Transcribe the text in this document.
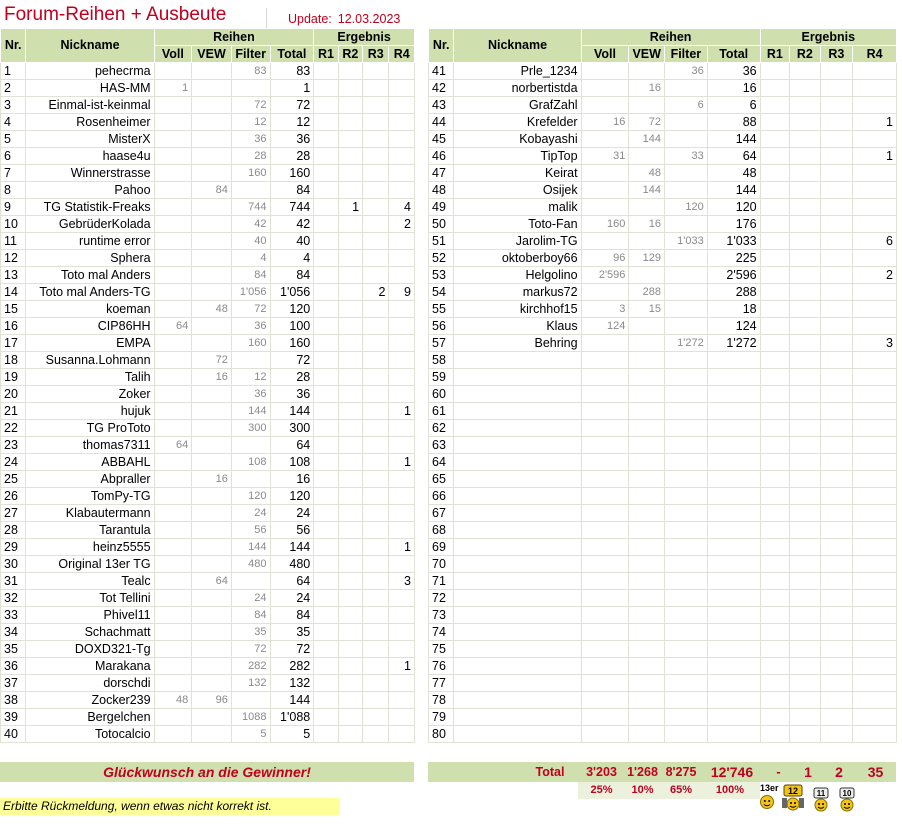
Forum-Reihen + Ausbeute	Update: 12.03.2023
Nr.	Nickname	Reihen				Ergebnis			
		Voll	VEW	Filter	Total	R1	R2	R3	R4
1	pehecrma			83	83				
2	HAS-MM	1			1				
3	Einmal-ist-keinmal			72	72				
4	Rosenheimer			12	12				
5	MisterX			36	36				
6	haase4u			28	28				
7	Winnerstrasse			160	160				
8	Pahoo		84		84				
9	TG Statistik-Freaks			744	744		1		4
10	GebrüderKolada			42	42				2
11	runtime error			40	40				
12	Sphera			4	4				
13	Toto mal Anders			84	84				
14	Toto mal Anders-TG			1'056	1'056			2	9
15	koeman		48	72	120				
16	CIP86HH	64		36	100				
17	EMPA			160	160				
18	Susanna.Lohmann		72		72				
19	Talih		16	12	28				
20	Zoker			36	36				
21	hujuk			144	144				1
22	TG ProToto			300	300				
23	thomas7311	64			64				
24	ABBAHL			108	108				1
25	Abpraller		16		16				
26	TomPy-TG			120	120				
27	Klabautermann			24	24				
28	Tarantula			56	56				
29	heinz5555			144	144				1
30	Original 13er TG			480	480				
31	Tealc		64		64				3
32	Tot Tellini			24	24				
33	Phivel11			84	84				
34	Schachmatt			35	35				
35	DOXD321-Tg			72	72				
36	Marakana			282	282				1
37	dorschdi			132	132				
38	Zocker239	48	96		144				
39	Bergelchen			1088	1'088				
40	Totocalcio			5	5				
Nr.	Nickname	Reihen				Ergebnis			
		Voll	VEW	Filter	Total	R1	R2	R3	R4
41	Prle_1234			36	36				
42	norbertistda		16		16				
43	GrafZahl			6	6				
44	Krefelder	16	72		88				1
45	Kobayashi		144		144				
46	TipTop	31		33	64				1
47	Keirat		48		48				
48	Osijek		144		144				
49	malik			120	120				
50	Toto-Fan	160	16		176				
51	Jarolim-TG			1'033	1'033				6
52	oktoberboy66	96	129		225				
53	Helgolino	2'596			2'596				2
54	markus72		288		288				
55	kirchhof15	3	15		18				
56	Klaus	124			124				
57	Behring			1'272	1'272				3
58									
59									
60									
61									
62									
63									
64									
65									
66									
67									
68									
69									
70									
71									
72									
73									
74									
75									
76									
77									
78									
79									
80									
Glückwunsch an die Gewinner!	Total	3'203 1'268 8'275	12'746	-	1	2	35
25%	10%	65%	100%
Erbitte Rückmeldung, wenn etwas nicht korrekt ist.
13er 12 11 10
